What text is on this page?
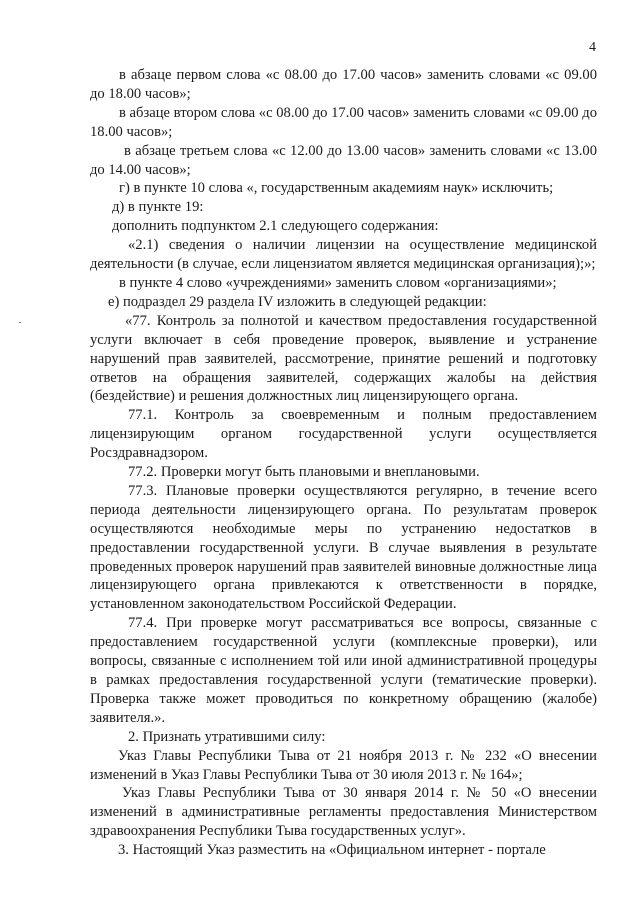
4

в абзаце первом слова «с 08.00 до 17.00 часов» заменить словами «с 09.00 до 18.00 часов»;

в абзаце втором слова «с 08.00 до 17.00 часов» заменить словами «с 09.00 до 18.00 часов»;

в абзаце третьем слова «с 12.00 до 13.00 часов» заменить словами «с 13.00 до 14.00 часов»;

г) в пункте 10 слова «, государственным академиям наук» исключить;

д) в пункте 19:

дополнить подпунктом 2.1 следующего содержания:

«2.1) сведения о наличии лицензии на осуществление медицинской деятельности (в случае, если лицензиатом является медицинская организация);»;

в пункте 4 слово «учреждениями» заменить словом «организациями»;

е) подраздел 29 раздела IV изложить в следующей редакции:

«77. Контроль за полнотой и качеством предоставления государственной услуги включает в себя проведение проверок, выявление и устранение нарушений прав заявителей, рассмотрение, принятие решений и подготовку ответов на обращения заявителей, содержащих жалобы на действия (бездействие) и решения должностных лиц лицензирующего органа.

77.1. Контроль за своевременным и полным предоставлением лицензирующим органом государственной услуги осуществляется Росздравнадзором.

77.2. Проверки могут быть плановыми и внеплановыми.

77.3. Плановые проверки осуществляются регулярно, в течение всего периода деятельности лицензирующего органа. По результатам проверок осуществляются необходимые меры по устранению недостатков в предоставлении государственной услуги. В случае выявления в результате проведенных проверок нарушений прав заявителей виновные должностные лица лицензирующего органа привлекаются к ответственности в порядке, установленном законодательством Российской Федерации.

77.4. При проверке могут рассматриваться все вопросы, связанные с предоставлением государственной услуги (комплексные проверки), или вопросы, связанные с исполнением той или иной административной процедуры в рамках предоставления государственной услуги (тематические проверки). Проверка также может проводиться по конкретному обращению (жалобе) заявителя.».

2. Признать утратившими силу:

Указ Главы Республики Тыва от 21 ноября 2013 г. № 232 «О внесении изменений в Указ Главы Республики Тыва от 30 июля 2013 г. № 164»;

Указ Главы Республики Тыва от 30 января 2014 г. № 50 «О внесении изменений в административные регламенты предоставления Министерством здравоохранения Республики Тыва государственных услуг».

3. Настоящий Указ разместить на «Официальном интернет - портале
